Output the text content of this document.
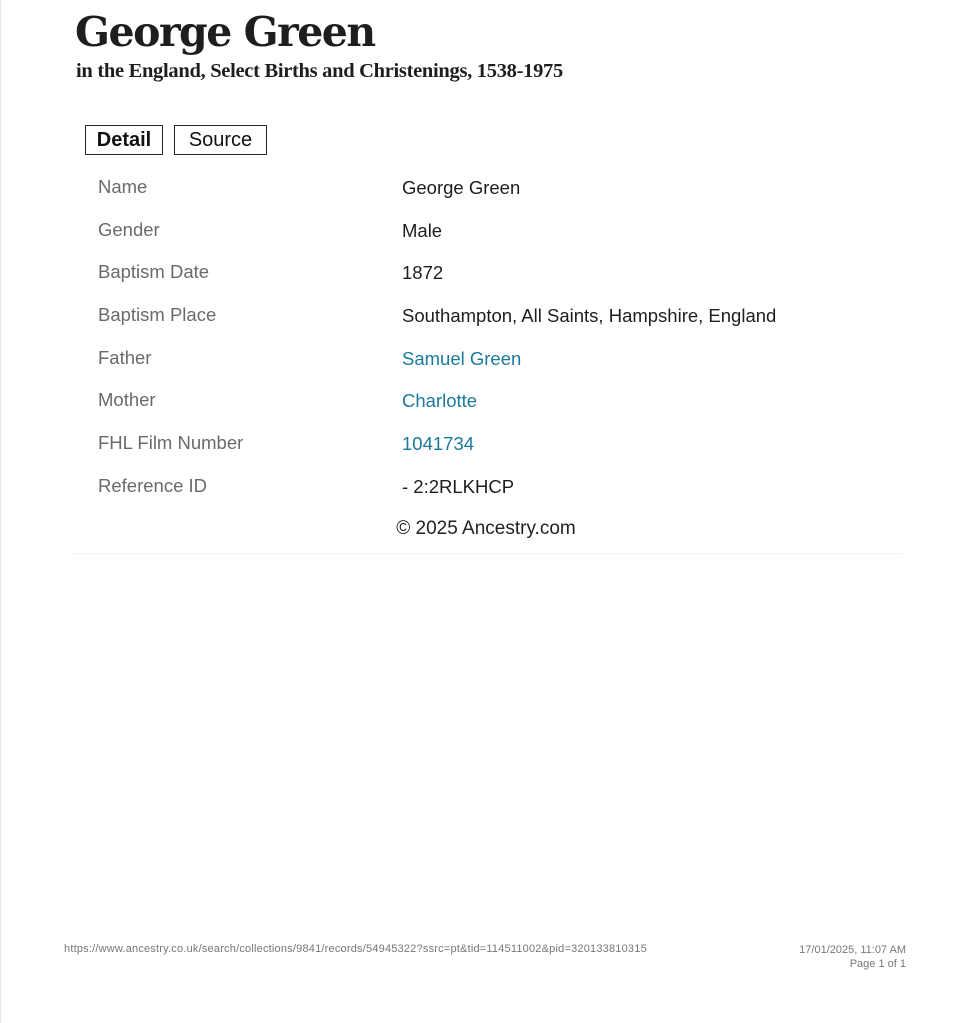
George Green
in the England, Select Births and Christenings, 1538-1975
Detail	Source
Name	George Green
Gender	Male
Baptism Date	1872
Baptism Place	Southampton, All Saints, Hampshire, England
Father	Samuel Green
Mother	Charlotte
FHL Film Number	1041734
Reference ID	- 2:2RLKHCP
© 2025 Ancestry.com
https://www.ancestry.co.uk/search/collections/9841/records/54945322?ssrc=pt&tid=114511002&pid=320133810315	17/01/2025, 11:07 AM
Page 1 of 1
